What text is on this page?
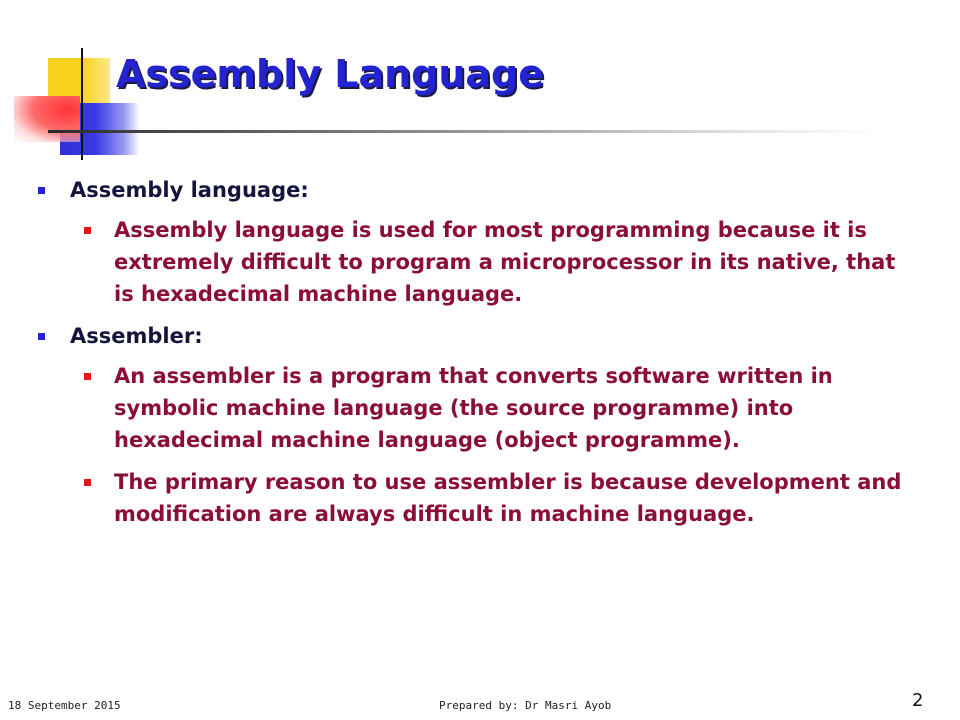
Assembly Language
Assembly language:
Assembly language is used for most programming because it is extremely difficult to program a microprocessor in its native, that is hexadecimal machine language.
Assembler:
An assembler is a program that converts software written in symbolic machine language (the source programme) into hexadecimal machine language (object programme).
The primary reason to use assembler is because development and modification are always difficult in machine language.
18 September 2015	Prepared by: Dr Masri Ayob	2
